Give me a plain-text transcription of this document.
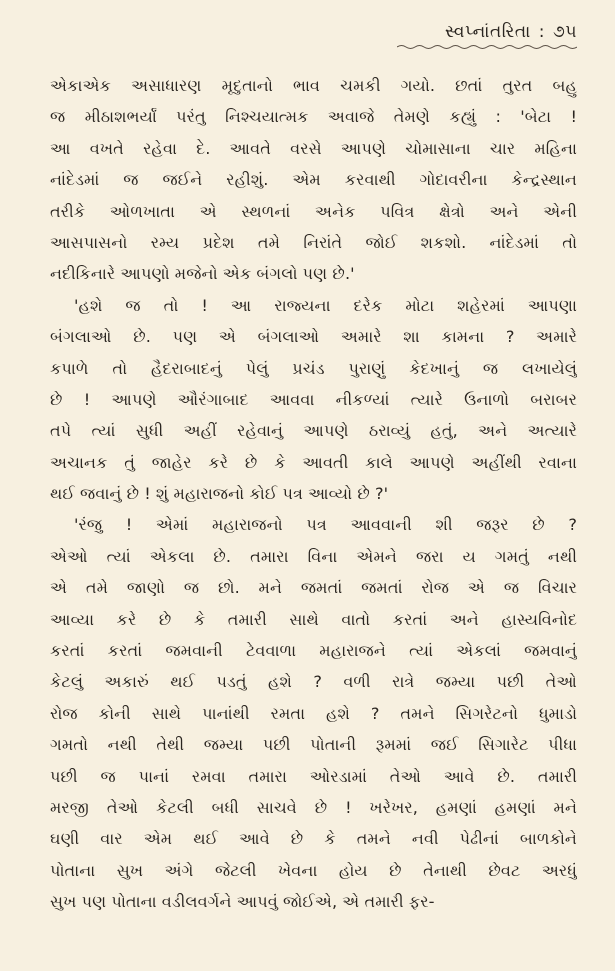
સ્વપ્નાંતરિતા : ૭૫
એકાએક અસાધારણ મૃદુતાનો ભાવ ચમકી ગયો. છતાં તુરત બહુ
જ મીઠાશભર્યાં પરંતુ નિશ્ચયાત્મક અવાજે તેમણે કહ્યું : 'બેટા !
આ વખતે રહેવા દે. આવતે વરસે આપણે ચોમાસાના ચાર મહિના
નાંદેડમાં જ જઈને રહીશું. એમ કરવાથી ગોદાવરીના કેન્દ્રસ્થાન
તરીકે ઓળખાતા એ સ્થળનાં અનેક પવિત્ર ક્ષેત્રો અને એની
આસપાસનો રમ્ય પ્રદેશ તમે નિરાંતે જોઈ શકશો. નાંદેડમાં તો
નદીકિનારે આપણો મજેનો એક બંગલો પણ છે.'
'હશે જ તો ! આ રાજ્યના દરેક મોટા શહેરમાં આપણા
બંગલાઓ છે. પણ એ બંગલાઓ અમારે શા કામના ? અમારે
કપાળે તો હૈદરાબાદનું પેલું પ્રચંડ પુરાણું કેદખાનું જ લખાયેલું
છે ! આપણે ઔરંગાબાદ આવવા નીકળ્યાં ત્યારે ઉનાળો બરાબર
તપે ત્યાં સુધી અહીં રહેવાનું આપણે ઠરાવ્યું હતું, અને અત્યારે
અચાનક તું જાહેર કરે છે કે આવતી કાલે આપણે અહીંથી રવાના
થઈ જવાનું છે ! શું મહારાજનો કોઈ પત્ર આવ્યો છે ?'
'રંજુ ! એમાં મહારાજનો પત્ર આવવાની શી જરૂર છે ?
એઓ ત્યાં એકલા છે. તમારા વિના એમને જરા ય ગમતું નથી
એ તમે જાણો જ છો. મને જમતાં જમતાં રોજ એ જ વિચાર
આવ્યા કરે છે કે તમારી સાથે વાતો કરતાં અને હાસ્યવિનોદ
કરતાં કરતાં જમવાની ટેવવાળા મહારાજને ત્યાં એકલાં જમવાનું
કેટલું અકારું થઈ પડતું હશે ? વળી રાત્રે જમ્યા પછી તેઓ
રોજ કોની સાથે પાનાંથી રમતા હશે ? તમને સિગરેટનો ધુમાડો
ગમતો નથી તેથી જમ્યા પછી પોતાની રૂમમાં જઈ સિગારેટ પીધા
પછી જ પાનાં રમવા તમારા ઓરડામાં તેઓ આવે છે. તમારી
મરજી તેઓ કેટલી બધી સાચવે છે ! ખરેખર, હમણાં હમણાં મને
ઘણી વાર એમ થઈ આવે છે કે તમને નવી પેઢીનાં બાળકોને
પોતાના સુખ અંગે જેટલી ખેવના હોય છે તેનાથી છેવટ અરધું
સુખ પણ પોતાના વડીલવર્ગને આપવું જોઈએ, એ તમારી ફર-
